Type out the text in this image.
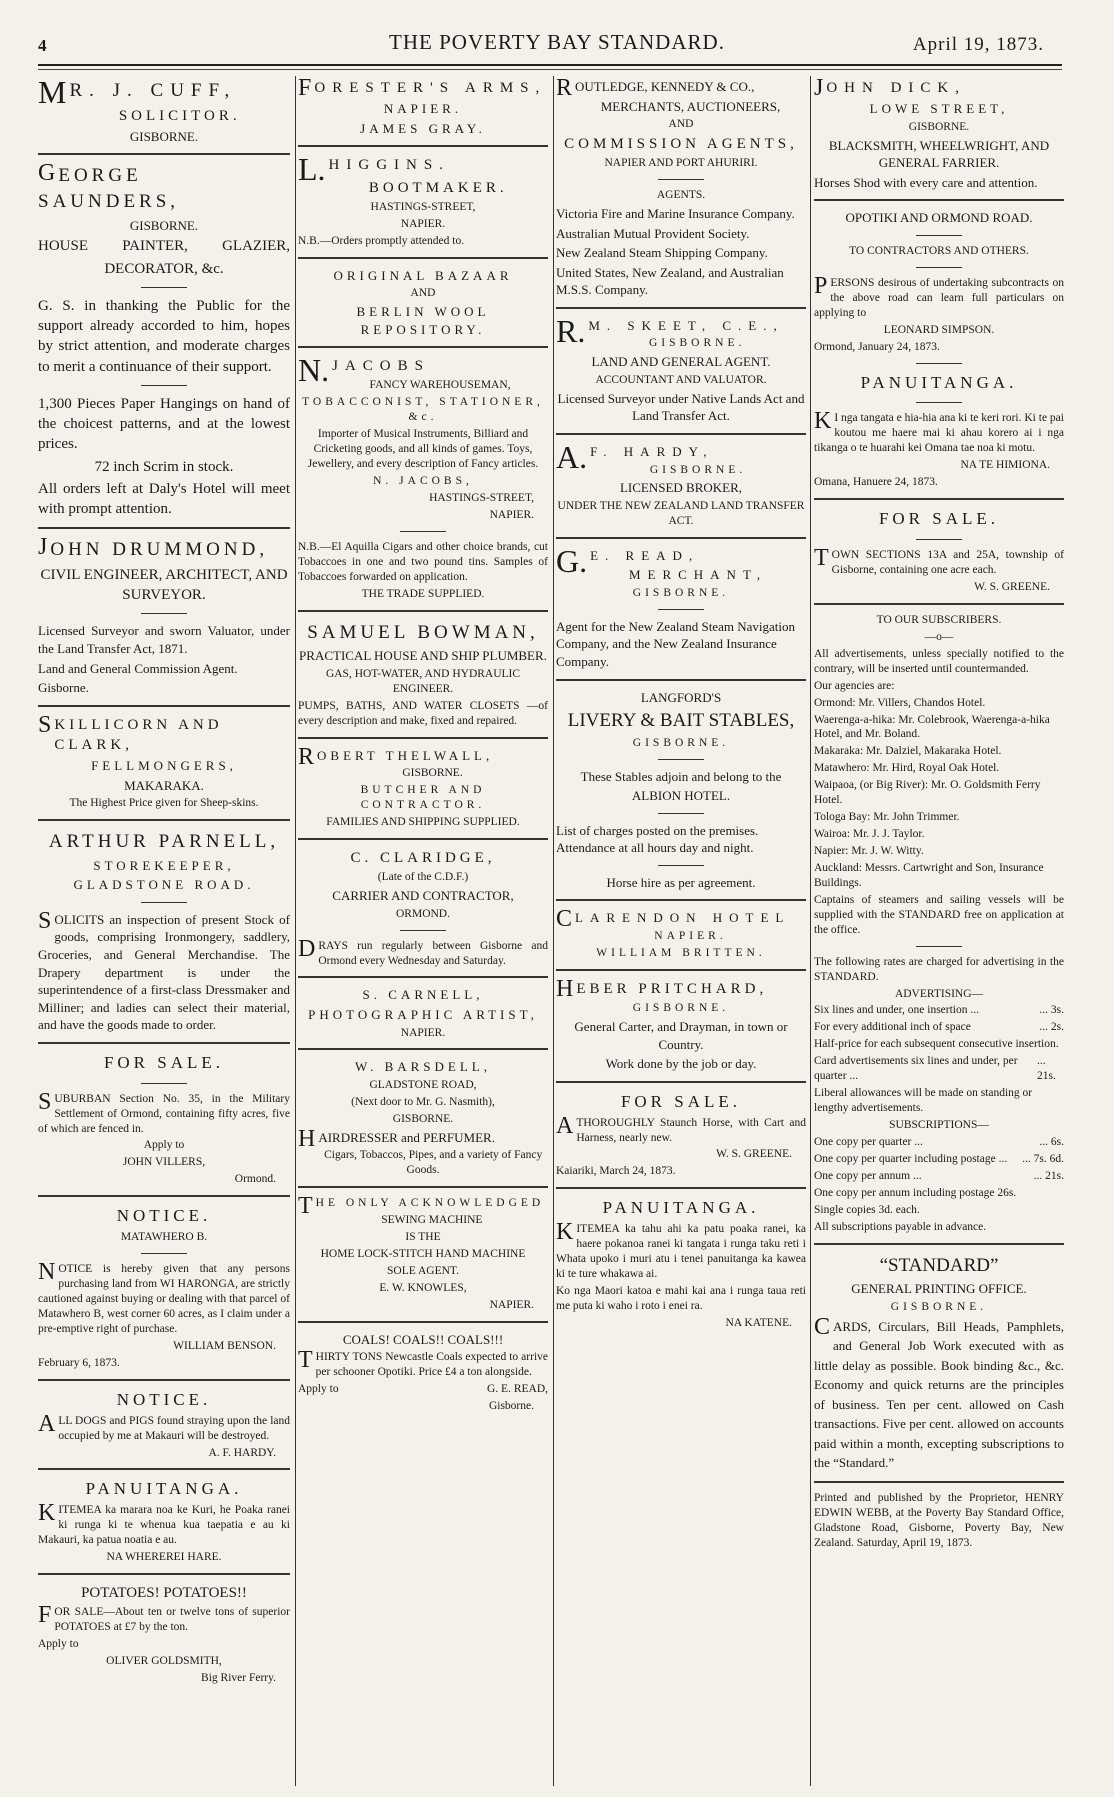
4	THE POVERTY BAY STANDARD.	April 19, 1873.

M R. J. CUFF,

SOLICITOR.

GISBORNE.

G EORGE SAUNDERS,

GISBORNE.

HOUSE PAINTER, GLAZIER,

DECORATOR, &c.

G. S. in thanking the Public for the support already accorded to him, hopes by strict attention, and moderate charges to merit a continuance of their support.

1,300 Pieces Paper Hangings on hand of the choicest patterns, and at the lowest prices.

72 inch Scrim in stock.

All orders left at Daly's Hotel will meet with prompt attention.

J OHN DRUMMOND,

CIVIL ENGINEER, ARCHITECT, AND SURVEYOR.

Licensed Surveyor and sworn Valuator, under the Land Transfer Act, 1871.

Land and General Commission Agent.

Gisborne.

SKILLICORN AND CLARK,

FELLMONGERS,

MAKARAKA.

The Highest Price given for Sheep-skins.

ARTHUR PARNELL,

STOREKEEPER,

GLADSTONE ROAD.

SOLICITS an inspection of present Stock of goods, comprising Ironmongery, saddlery, Groceries, and General Merchandise. The Drapery department is under the superintendence of a first-class Dressmaker and Milliner; and ladies can select their material, and have the goods made to order.

FOR SALE.

SUBURBAN Section No. 35, in the Military Settlement of Ormond, containing fifty acres, five of which are fenced in.

Apply to

JOHN VILLERS,

Ormond.

NOTICE.

MATAWHERO B.

NOTICE is hereby given that any persons purchasing land from WI HARONGA, are strictly cautioned against buying or dealing with that parcel of Matawhero B, west corner 60 acres, as I claim under a pre-emptive right of purchase.

WILLIAM BENSON.

February 6, 1873.

NOTICE.

ALL DOGS and PIGS found straying upon the land occupied by me at Makauri will be destroyed.

A. F. HARDY.

PANUITANGA.

KITEMEA ka marara noa ke Kuri, he Poaka ranei ki runga ki te whenua kua taepatia e au ki Makauri, ka patua noatia e au.

NA WHEREREI HARE.

POTATOES! POTATOES!!

FOR SALE—About ten or twelve tons of superior POTATOES at £7 by the ton.

Apply to

OLIVER GOLDSMITH,

Big River Ferry.

FORESTER'S ARMS,

NAPIER.

JAMES GRAY.

L. HIGGINS.

BOOTMAKER.

HASTINGS-STREET,

NAPIER.

N.B.—Orders promptly attended to.

ORIGINAL BAZAAR

AND

BERLIN WOOL REPOSITORY.

N. JACOBS

FANCY WAREHOUSEMAN,

TOBACCONIST, STATIONER, &c.

Importer of Musical Instruments, Billiard and Cricketing goods, and all kinds of games. Toys, Jewellery, and every description of Fancy articles.

N. JACOBS,

HASTINGS-STREET,

NAPIER.

N.B.—El Aquilla Cigars and other choice brands, cut Tobaccoes in one and two pound tins. Samples of Tobaccoes forwarded on application.

THE TRADE SUPPLIED.

SAMUEL BOWMAN,

PRACTICAL HOUSE AND SHIP PLUMBER.

GAS, HOT-WATER, AND HYDRAULIC ENGINEER.

PUMPS, BATHS, AND WATER CLOSETS —of every description and make, fixed and repaired.

ROBERT THELWALL,

GISBORNE.

BUTCHER AND CONTRACTOR.

FAMILIES AND SHIPPING SUPPLIED.

C. CLARIDGE,

(Late of the C.D.F.)

CARRIER AND CONTRACTOR,

ORMOND.

DRAYS run regularly between Gisborne and Ormond every Wednesday and Saturday.

S. CARNELL,

PHOTOGRAPHIC ARTIST,

NAPIER.

W. BARSDELL,

GLADSTONE ROAD,

(Next door to Mr. G. Nasmith),

GISBORNE.

HAIRDRESSER and PERFUMER.

Cigars, Tobaccos, Pipes, and a variety of Fancy Goods.

THE ONLY ACKNOWLEDGED

SEWING MACHINE

IS THE

HOME LOCK-STITCH HAND MACHINE

SOLE AGENT.

E. W. KNOWLES,

NAPIER.

COALS! COALS!! COALS!!!

THIRTY TONS Newcastle Coals expected to arrive per schooner Opotiki. Price £4 a ton alongside.

Apply to	G. E. READ,

Gisborne.

ROUTLEDGE, KENNEDY & CO.,

MERCHANTS, AUCTIONEERS,

AND

COMMISSION AGENTS,

NAPIER AND PORT AHURIRI.

AGENTS.

Victoria Fire and Marine Insurance Company.

Australian Mutual Provident Society.

New Zealand Steam Shipping Company.

United States, New Zealand, and Australian M.S.S. Company.

R. M. SKEET, C.E.,

GISBORNE.

LAND AND GENERAL AGENT.

ACCOUNTANT AND VALUATOR.

Licensed Surveyor under Native Lands Act and Land Transfer Act.

A. F. HARDY,

GISBORNE.

LICENSED BROKER,

UNDER THE NEW ZEALAND LAND TRANSFER ACT.

G. E. READ,

MERCHANT,

GISBORNE.

Agent for the New Zealand Steam Navigation Company, and the New Zealand Insurance Company.

LANGFORD'S

LIVERY & BAIT STABLES,

GISBORNE.

These Stables adjoin and belong to the

ALBION HOTEL.

List of charges posted on the premises. Attendance at all hours day and night.

Horse hire as per agreement.

CLARENDON HOTEL

NAPIER.

WILLIAM BRITTEN.

HEBER PRITCHARD,

GISBORNE.

General Carter, and Drayman, in town or Country.

Work done by the job or day.

FOR SALE.

ATHOROUGHLY Staunch Horse, with Cart and Harness, nearly new.

W. S. GREENE.

Kaiariki, March 24, 1873.

PANUITANGA.

KITEMEA ka tahu ahi ka patu poaka ranei, ka haere pokanoa ranei ki tangata i runga taku reti i Whata upoko i muri atu i tenei panuitanga ka kawea ki te ture whakawa ai.

Ko nga Maori katoa e mahi kai ana i runga taua reti me puta ki waho i roto i enei ra.

NA KATENE.

JOHN DICK,

LOWE STREET,

GISBORNE.

BLACKSMITH, WHEELWRIGHT, AND GENERAL FARRIER.

Horses Shod with every care and attention.

OPOTIKI AND ORMOND ROAD.

TO CONTRACTORS AND OTHERS.

PERSONS desirous of undertaking subcontracts on the above road can learn full particulars on applying to

LEONARD SIMPSON.

Ormond, January 24, 1873.

PANUITANGA.

K I nga tangata e hia-hia ana ki te keri rori. Ki te pai koutou me haere mai ki ahau korero ai i nga tikanga o te huarahi kei Omana tae noa ki motu.

NA TE HIMIONA.

Omana, Hanuere 24, 1873.

FOR SALE.

TOWN SECTIONS 13A and 25A, township of Gisborne, containing one acre each.

W. S. GREENE.

TO OUR SUBSCRIBERS.

—o—

All advertisements, unless specially notified to the contrary, will be inserted until countermanded.

Our agencies are:

Ormond: Mr. Villers, Chandos Hotel.

Waerenga-a-hika: Mr. Colebrook, Waerenga-a-hika Hotel, and Mr. Boland.

Makaraka: Mr. Dalziel, Makaraka Hotel.

Matawhero: Mr. Hird, Royal Oak Hotel.

Waipaoa, (or Big River): Mr. O. Goldsmith Ferry Hotel.

Tologa Bay: Mr. John Trimmer.

Wairoa: Mr. J. J. Taylor.

Napier: Mr. J. W. Witty.

Auckland: Messrs. Cartwright and Son, Insurance Buildings.

Captains of steamers and sailing vessels will be supplied with the STANDARD free on application at the office.

The following rates are charged for advertising in the STANDARD.

ADVERTISING—

Six lines and under, one insertion ...	... 3s.

For every additional inch of space	... 2s.

Half-price for each subsequent consecutive insertion.

Card advertisements six lines and under, per quarter ...
... 21s.

Liberal allowances will be made on standing or lengthy advertisements.

SUBSCRIPTIONS—

One copy per quarter ...	... 6s.

One copy per quarter including postage ... ... 7s. 6d.

One copy per annum ...	... 21s.

One copy per annum including postage 26s.

Single copies 3d. each.

All subscriptions payable in advance.

“STANDARD”

GENERAL PRINTING OFFICE.

GISBORNE.

CARDS, Circulars, Bill Heads, Pamphlets, and General Job Work executed with as little delay as possible. Book binding &c., &c. Economy and quick returns are the principles of business. Ten per cent. allowed on Cash transactions. Five per cent. allowed on accounts paid within a month, excepting subscriptions to the “Standard.”

Printed and published by the Proprietor, HENRY EDWIN WEBB, at the Poverty Bay Standard Office, Gladstone Road, Gisborne, Poverty Bay, New Zealand. Saturday, April 19, 1873.
